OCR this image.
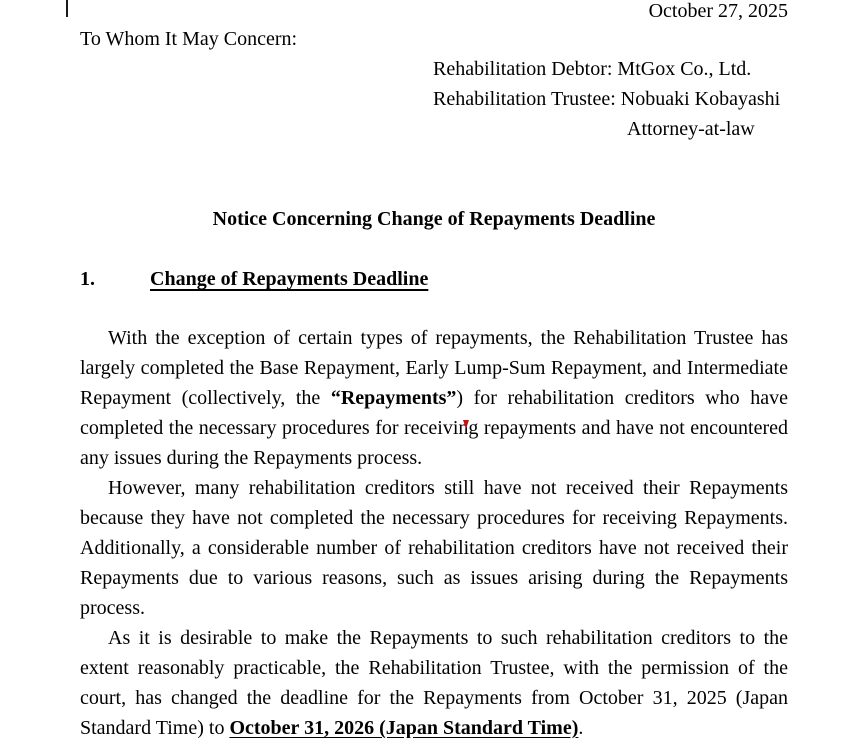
October 27, 2025
To Whom It May Concern:
Rehabilitation Debtor: MtGox Co., Ltd.
Rehabilitation Trustee: Nobuaki Kobayashi
Attorney-at-law
Notice Concerning Change of Repayments Deadline
1.	Change of Repayments Deadline

With the exception of certain types of repayments, the Rehabilitation Trustee has largely completed the Base Repayment, Early Lump-Sum Repayment, and Intermediate Repayment (collectively, the “Repayments”) for rehabilitation creditors who have completed the necessary procedures for receiving repayments and have not encountered any issues during the Repayments process.

However, many rehabilitation creditors still have not received their Repayments because they have not completed the necessary procedures for receiving Repayments. Additionally, a considerable number of rehabilitation creditors have not received their Repayments due to various reasons, such as issues arising during the Repayments process.

As it is desirable to make the Repayments to such rehabilitation creditors to the extent reasonably practicable, the Rehabilitation Trustee, with the permission of the court, has changed the deadline for the Repayments from October 31, 2025 (Japan Standard Time) to October 31, 2026 (Japan Standard Time).
